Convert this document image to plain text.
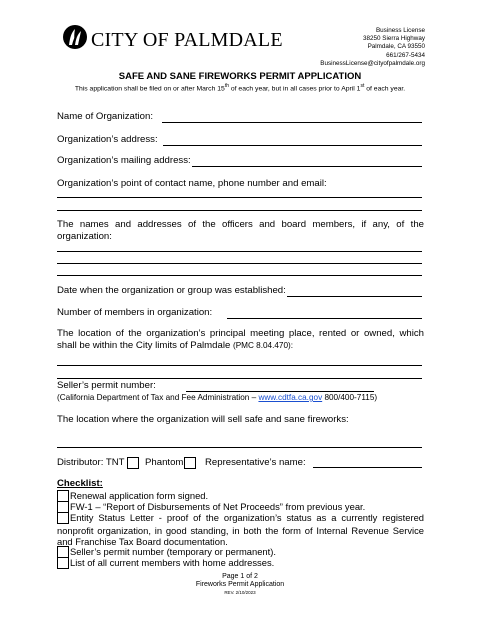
CITY OF PALMDALE	Business License
38250 Sierra Highway
Palmdale, CA 93550
661/267-5434
BusinessLicense@cityofpalmdale.org
SAFE AND SANE FIREWORKS PERMIT APPLICATION
This application shall be filed on or after March 15th of each year, but in all cases prior to April 1st of each year.
Name of Organization:
Organization’s address:
Organization’s mailing address:
Organization’s point of contact name, phone number and email:
The names and addresses of the officers and board members, if any, of the organization:
Date when the organization or group was established:
Number of members in organization:
The location of the organization’s principal meeting place, rented or owned, which shall be within the City limits of Palmdale (PMC 8.04.470):
Seller’s permit number:
(California Department of Tax and Fee Administration – www.cdtfa.ca.gov 800/400-7115)
The location where the organization will sell safe and sane fireworks:
Distributor: TNT Phantom Representative’s name:
Checklist:
Renewal application form signed.
FW-1 – “Report of Disbursements of Net Proceeds” from previous year.
Entity Status Letter - proof of the organization’s status as a currently registered nonprofit organization, in good standing, in both the form of Internal Revenue Service and Franchise Tax Board documentation.
Seller’s permit number (temporary or permanent).
List of all current members with home addresses.
Page 1 of 2
Fireworks Permit Application
REV. 2/10/2023
